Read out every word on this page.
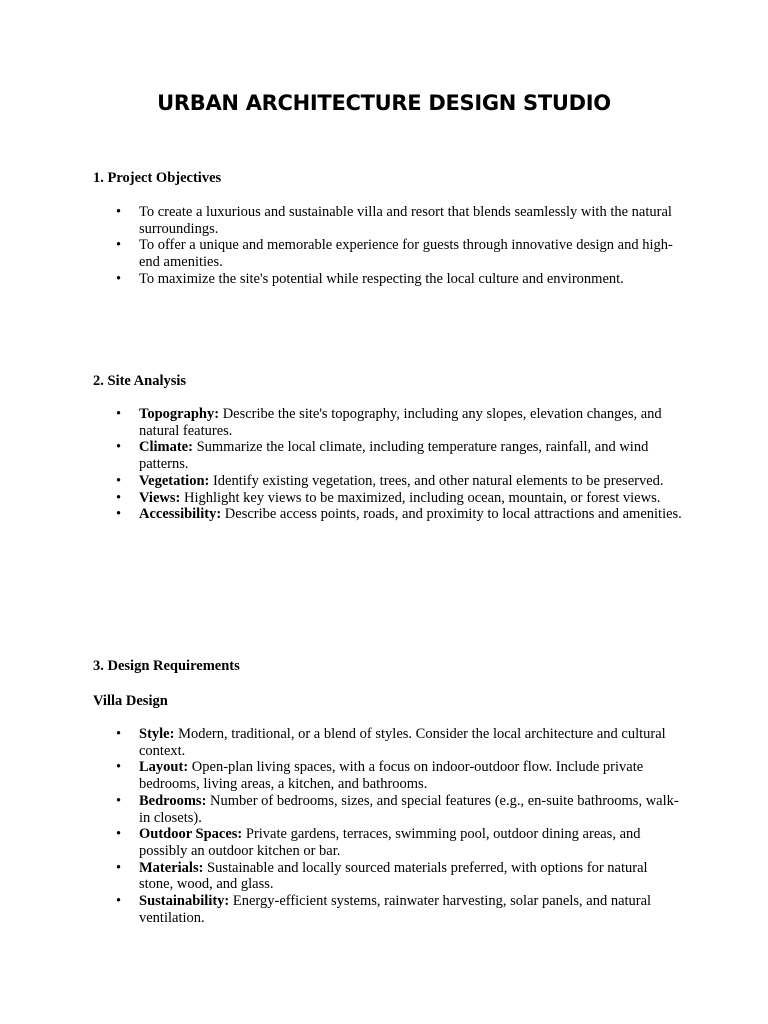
URBAN ARCHITECTURE DESIGN STUDIO
1. Project Objectives
• To create a luxurious and sustainable villa and resort that blends seamlessly with the natural surroundings.
• To offer a unique and memorable experience for guests through innovative design and high-end amenities.
• To maximize the site's potential while respecting the local culture and environment.
2. Site Analysis
• Topography: Describe the site's topography, including any slopes, elevation changes, and natural features.
• Climate: Summarize the local climate, including temperature ranges, rainfall, and wind patterns.
• Vegetation: Identify existing vegetation, trees, and other natural elements to be preserved.
• Views: Highlight key views to be maximized, including ocean, mountain, or forest views.
• Accessibility: Describe access points, roads, and proximity to local attractions and amenities.
3. Design Requirements
Villa Design
• Style: Modern, traditional, or a blend of styles. Consider the local architecture and cultural context.
• Layout: Open-plan living spaces, with a focus on indoor-outdoor flow. Include private bedrooms, living areas, a kitchen, and bathrooms.
• Bedrooms: Number of bedrooms, sizes, and special features (e.g., en-suite bathrooms, walk-in closets).
• Outdoor Spaces: Private gardens, terraces, swimming pool, outdoor dining areas, and possibly an outdoor kitchen or bar.
• Materials: Sustainable and locally sourced materials preferred, with options for natural stone, wood, and glass.
• Sustainability: Energy-efficient systems, rainwater harvesting, solar panels, and natural ventilation.
